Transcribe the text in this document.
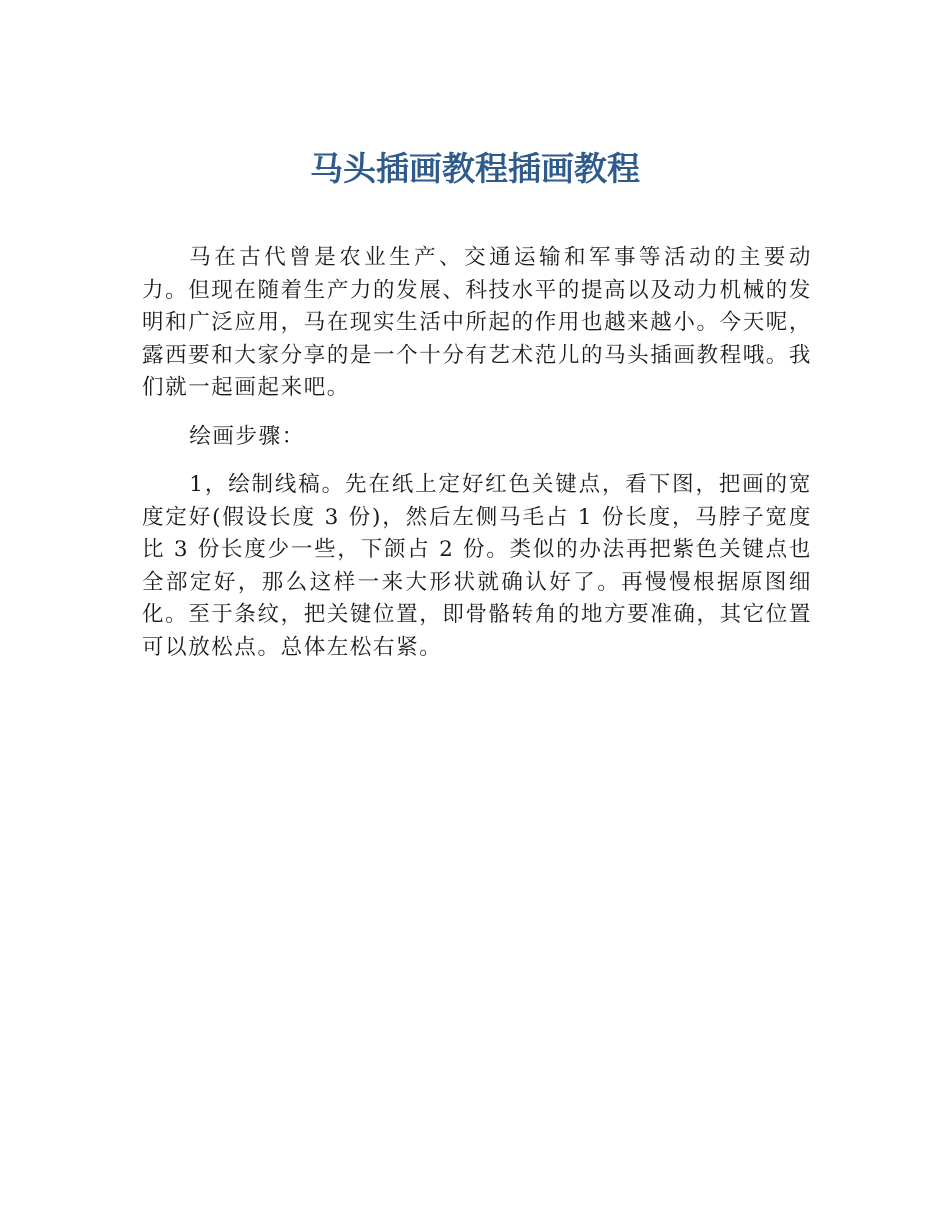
马头插画教程插画教程

马在古代曾是农业生产、交通运输和军事等活动的主要动力。但现在随着生产力的发展、科技水平的提高以及动力机械的发明和广泛应用，马在现实生活中所起的作用也越来越小。今天呢，露西要和大家分享的是一个十分有艺术范儿的马头插画教程哦。我们就一起画起来吧。

绘画步骤：

1，绘制线稿。先在纸上定好红色关键点，看下图，把画的宽度定好(假设长度 3 份)，然后左侧马毛占 1 份长度，马脖子宽度比 3 份长度少一些，下颌占 2 份。类似的办法再把紫色关键点也全部定好，那么这样一来大形状就确认好了。再慢慢根据原图细化。至于条纹，把关键位置，即骨骼转角的地方要准确，其它位置可以放松点。总体左松右紧。
